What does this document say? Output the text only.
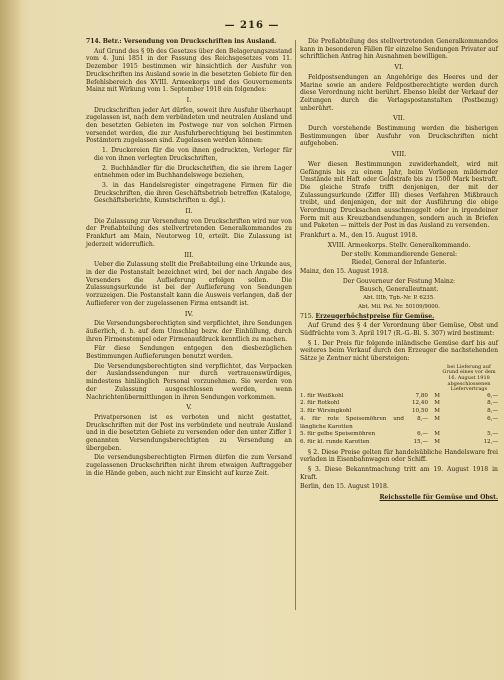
— 216 —

714. Betr.: Versendung von Druckschriften ins Ausland.

Auf Grund des § 9b des Gesetzes über den Belagerungszustand vom 4. Juni 1851 in der Fassung des Reichsgesetzes vom 11. Dezember 1915 bestimmen wir hinsichtlich der Ausfuhr von Druckschriften ins Ausland sowie in die besetzten Gebiete für den Befehlsbereich des XVIII. Armeekorps und des Gouvernements Mainz mit Wirkung vom 1. September 1918 ein folgendes:

I.

Druckschriften jeder Art dürfen, soweit ihre Ausfuhr überhaupt zugelassen ist, nach dem verbündeten und neutralen Ausland und den besetzten Gebieten im Postwege nur von solchen Firmen versendet werden, die zur Ausfuhrberechtigung bei bestimmten Postämtern zugelassen sind. Zugelassen werden können:

1. Druckereien für die von ihnen gedruckten, Verleger für die von ihnen verlegten Druckschriften,

2. Buchhändler für die Druckschriften, die sie ihrem Lager entnehmen oder im Buchhandelswege beziehen,

3. in das Handelsregister eingetragene Firmen für die Druckschriften, die ihren Geschäftsbetrieb betreffen (Kataloge, Geschäftsberichte, Kunstschriften u. dgl.).

II.

Die Zulassung zur Versendung von Druckschriften wird nur von der Preßabteilung des stellvertretenden Generalkommandos zu Frankfurt am Main, Neutorweg 10, erteilt. Die Zulassung ist jederzeit widerruflich.

III.

Ueber die Zulassung stellt die Preßabteilung eine Urkunde aus, in der die Postanstalt bezeichnet wird, bei der nach Angabe des Versenders die Auflieferung erfolgen sollen. Die Zulassungsurkunde ist bei der Auflieferung von Sendungen vorzuzeigen. Die Postanstalt kann die Ausweis verlangen, daß der Auflieferer von der zugelassenen Firma entsandt ist.

IV.

Die Versendungsberechtigten sind verpflichtet, ihre Sendungen äußerlich, d. h. auf dem Umschlag bezw. der Einhüllung, durch ihren Firmenstempel oder Firmenaufdruck kenntlich zu machen.

Für diese Sendungen entgegen den diesbezüglichen Bestimmungen Auflieferungen benutzt werden.

Die Versendungsberechtigten sind verpflichtet, das Verpacken der Auslandssendungen nur durch vertrauenswürdiges, mindestens hinlänglich Personal vorzunehmen. Sie werden von der Zulassung ausgeschlossen werden, wenn Nachrichtenübermittlungen in ihren Sendungen vorkommen.

V.

Privatpersonen ist es verboten und nicht gestattet, Druckschriften mit der Post ins verbündete und neutrale Ausland und in die besetzten Gebiete zu versenden oder den unter Ziffer 1 genannten Versendungsberechtigten zu Versendung an übergeben.

Die versendungsberechtigten Firmen dürfen die zum Versand zugelassenen Druckschriften nicht ihrem etwaigen Auftraggeber in die Hände geben, auch nicht zur Einsicht auf kurze Zeit.

Die Preßabteilung des stellvertretenden Generalkommandos kann in besonderen Fällen für einzelne Sendungen Privater auf schriftlichen Antrag hin Ausnahmen bewilligen.

VI.

Feldpostsendungen an Angehörige des Heeres und der Marine sowie an andere Feldpostberechtigte werden durch diese Verordnung nicht berührt. Ebenso bleibt der Verkauf der Zeitungen durch die Verlagspostanstalten (Postbezug) unberührt.

VII.

Durch vorstehende Bestimmung werden die bisherigen Bestimmungen über Ausfuhr von Druckschriften nicht aufgehoben.

VIII.

Wer diesen Bestimmungen zuwiderhandelt, wird mit Gefängnis bis zu einem Jahr, beim Vorliegen mildernder Umstände mit Haft oder Geldstrafe bis zu 1500 Mark bestraft. Die gleiche Strafe trifft denjenigen, der mit der Zulassungsurkunde (Ziffer III) dieses Verfahren Mißbrauch treibt, und denjenigen, der mit der Ausführung die obige Verordnung Drucksachen ausschmuggelt oder in irgendeiner Form mit aus Kreuzbandsendungen, sondern auch in Briefen und Paketen — mittels der Post in das Ausland zu versenden.

Frankfurt a. M., den 15. August 1918.

XVIII. Armeekorps. Stellv. Generalkommando.
Der stellv. Kommandierende General:
Riedel, General der Infanterie.

Mainz, den 15. August 1918.

Der Gouverneur der Festung Mainz:
Bausch, Generalleutnant.
Abt. IIIb, Tgb.-Nr. P. 6235.
Abt. Mil. Pol. Nr. 50109/9000.

715. Erzeugerhöchstpreise für Gemüse.

Auf Grund des § 4 der Verordnung über Gemüse, Obst und Südfrüchte vom 3. April 1917 (R.-G.-Bl. S. 307) wird bestimmt:

§ 1. Der Preis für folgende inländische Gemüse darf bis auf weiteres beim Verkauf durch den Erzeuger die nachstehenden Sätze je Zentner nicht übersteigen:

			bei Lieferung auf Grund eines vor dem 16. August 1918 abgeschlossenen Liefervertrags
1. für Weißkohl	7,80	M	6,—
2. für Rotkohl	12,40	M	8,—
3. für Wirsingkohl	10,50	M	8,—
4. für rote Speisemöhren und längliche Karotten	8,—	M	6,—
5. für gelbe Speisemöhren	6,—	M	5,—
6. für kl. runde Karotten	15,—	M	12,—

§ 2. Diese Preise gelten für handelsübliche Handelsware frei verladen in Eisenbahnwagen oder Schiff.

§ 3. Diese Bekanntmachung tritt am 19. August 1918 in Kraft.

Berlin, den 15. August 1918.

Reichsstelle für Gemüse und Obst.
